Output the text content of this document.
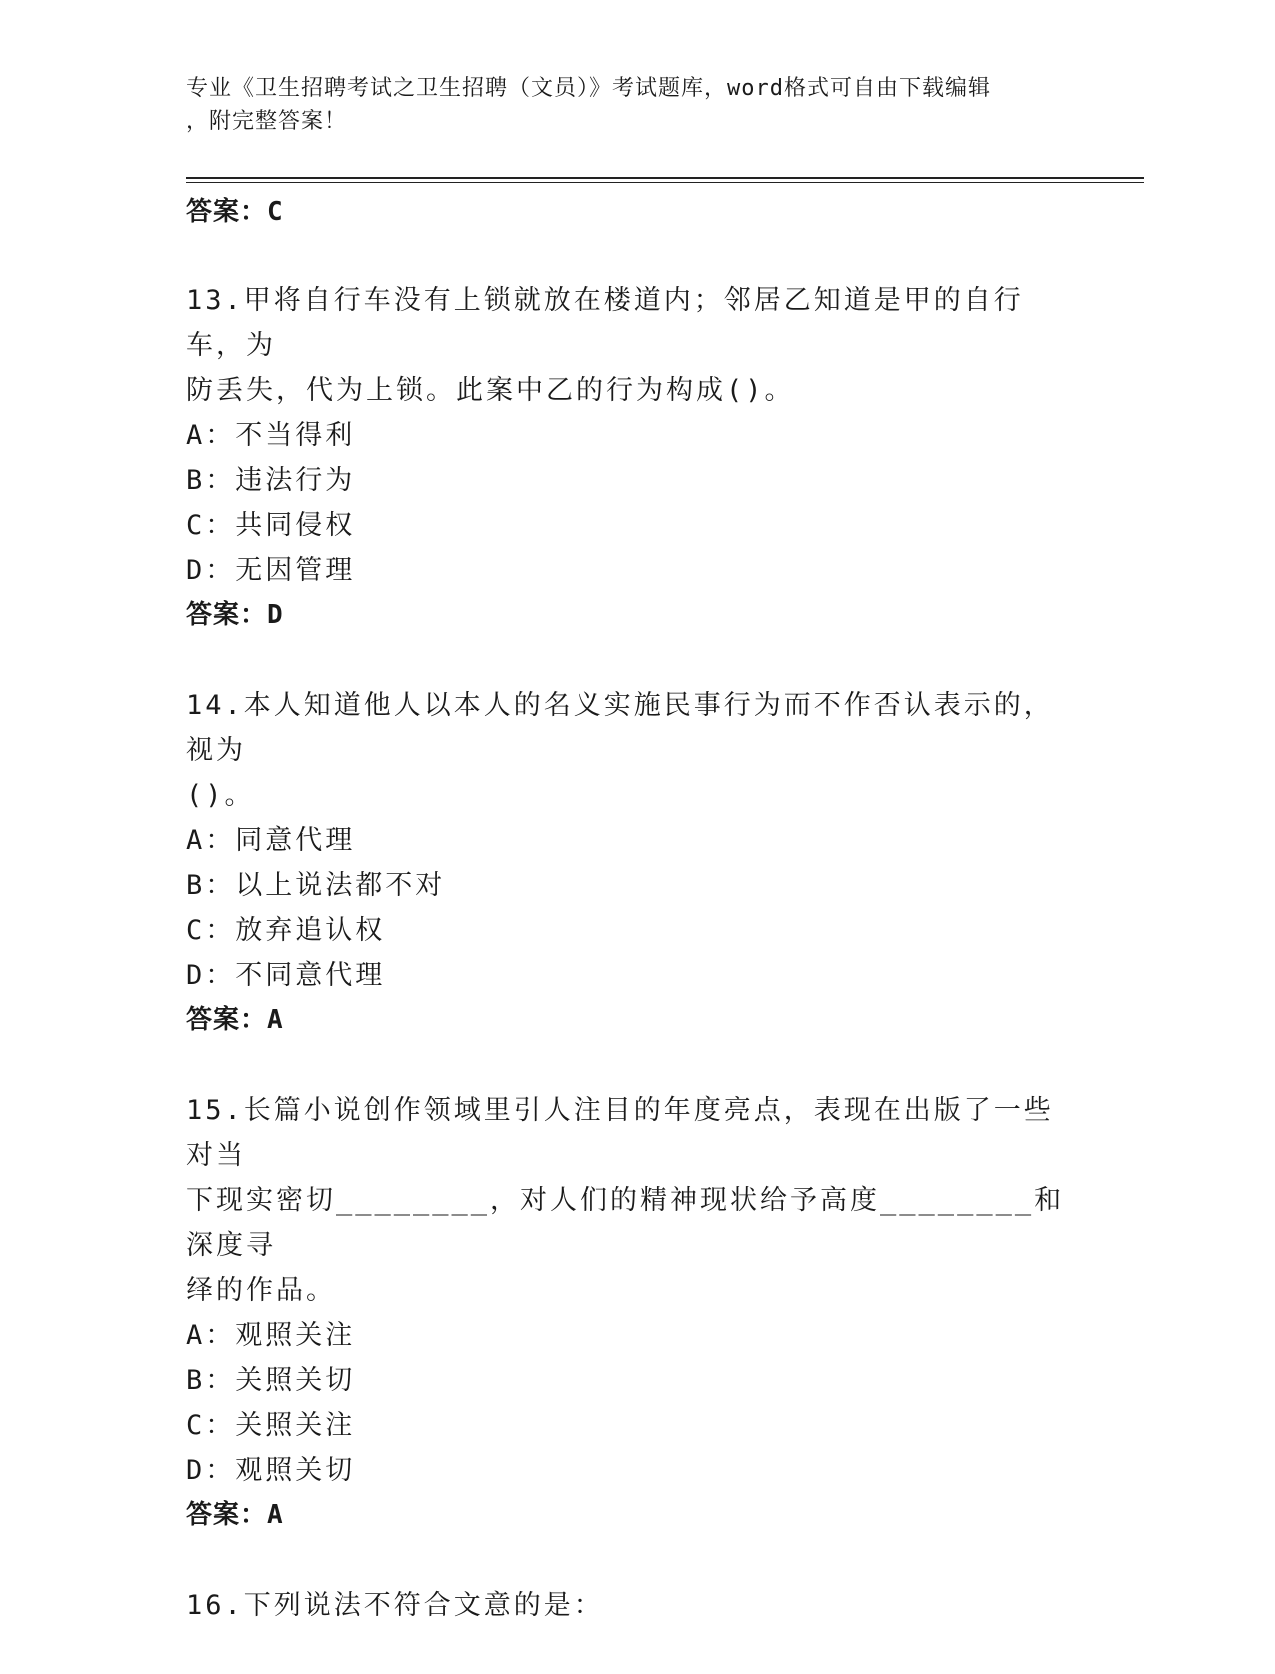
专业《卫生招聘考试之卫生招聘（文员）》考试题库，word格式可自由下载编辑
，附完整答案！
答案：C
13.甲将自行车没有上锁就放在楼道内；邻居乙知道是甲的自行车，为
防丢失，代为上锁。此案中乙的行为构成()。
A：不当得利
B：违法行为
C：共同侵权
D：无因管理
答案：D
14.本人知道他人以本人的名义实施民事行为而不作否认表示的，视为
()。
A：同意代理
B：以上说法都不对
C：放弃追认权
D：不同意代理
答案：A
15.长篇小说创作领域里引人注目的年度亮点，表现在出版了一些对当
下现实密切________，对人们的精神现状给予高度________和深度寻
绎的作品。
A：观照关注
B：关照关切
C：关照关注
D：观照关切
答案：A
16.下列说法不符合文意的是：
